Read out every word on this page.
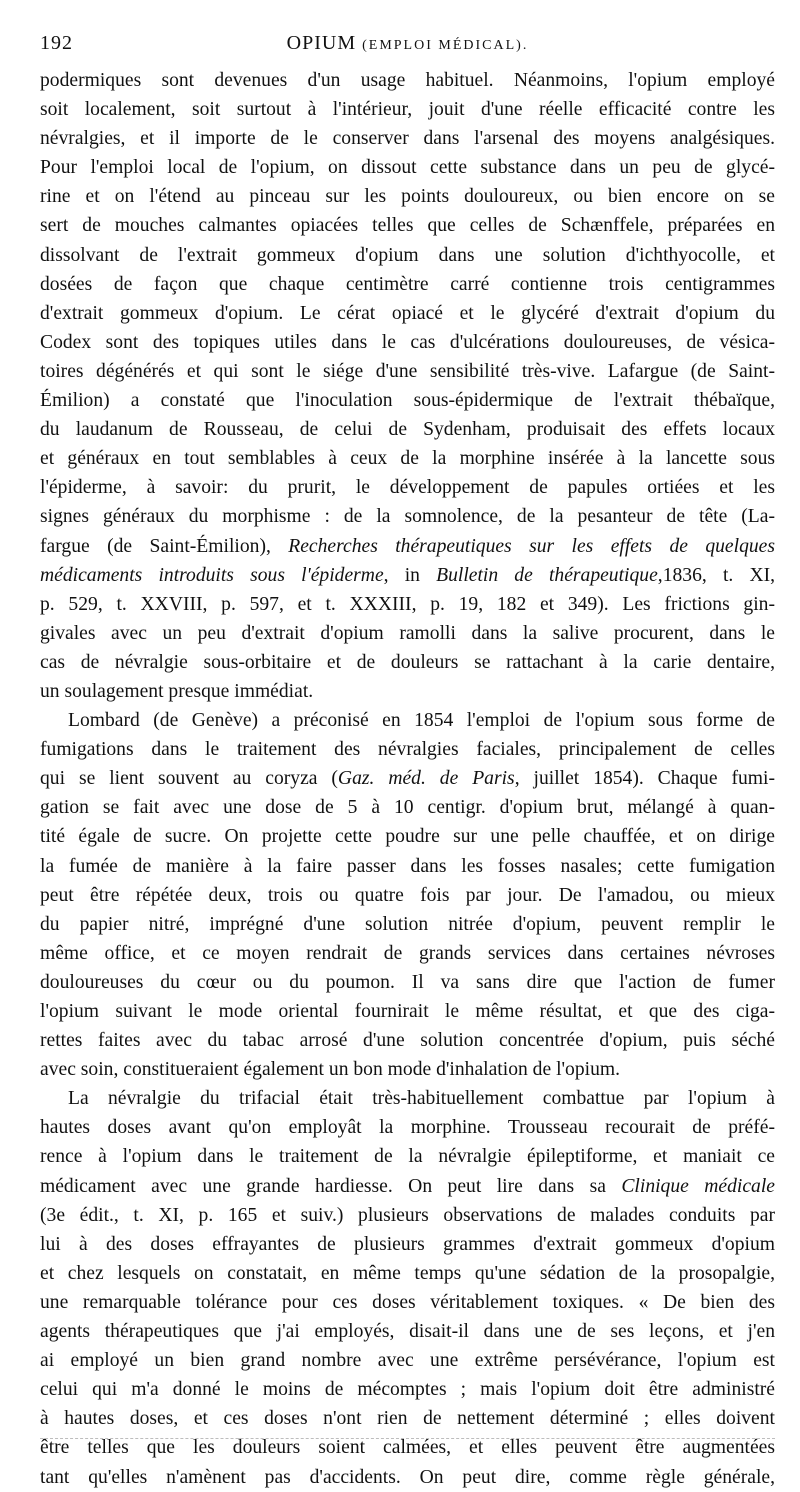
192	OPIUM (EMPLOI MÉDICAL).
podermiques sont devenues d'un usage habituel. Néanmoins, l'opium employé
soit localement, soit surtout à l'intérieur, jouit d'une réelle efficacité contre les
névralgies, et il importe de le conserver dans l'arsenal des moyens analgésiques.
Pour l'emploi local de l'opium, on dissout cette substance dans un peu de glycé-
rine et on l'étend au pinceau sur les points douloureux, ou bien encore on se
sert de mouches calmantes opiacées telles que celles de Schænffele, préparées en
dissolvant de l'extrait gommeux d'opium dans une solution d'ichthyocolle, et
dosées de façon que chaque centimètre carré contienne trois centigrammes
d'extrait gommeux d'opium. Le cérat opiacé et le glycéré d'extrait d'opium du
Codex sont des topiques utiles dans le cas d'ulcérations douloureuses, de vésica-
toires dégénérés et qui sont le siége d'une sensibilité très-vive. Lafargue (de Saint-
Émilion) a constaté que l'inoculation sous-épidermique de l'extrait thébaïque,
du laudanum de Rousseau, de celui de Sydenham, produisait des effets locaux
et généraux en tout semblables à ceux de la morphine insérée à la lancette sous
l'épiderme, à savoir: du prurit, le développement de papules ortiées et les
signes généraux du morphisme : de la somnolence, de la pesanteur de tête (La-
fargue (de Saint-Émilion), Recherches thérapeutiques sur les effets de quelques
médicaments introduits sous l'épiderme, in Bulletin de thérapeutique,1836, t. XI,
p. 529, t. XXVIII, p. 597, et t. XXXIII, p. 19, 182 et 349). Les frictions gin-
givales avec un peu d'extrait d'opium ramolli dans la salive procurent, dans le
cas de névralgie sous-orbitaire et de douleurs se rattachant à la carie dentaire,
un soulagement presque immédiat.
Lombard (de Genève) a préconisé en 1854 l'emploi de l'opium sous forme de
fumigations dans le traitement des névralgies faciales, principalement de celles
qui se lient souvent au coryza (Gaz. méd. de Paris, juillet 1854). Chaque fumi-
gation se fait avec une dose de 5 à 10 centigr. d'opium brut, mélangé à quan-
tité égale de sucre. On projette cette poudre sur une pelle chauffée, et on dirige
la fumée de manière à la faire passer dans les fosses nasales; cette fumigation
peut être répétée deux, trois ou quatre fois par jour. De l'amadou, ou mieux
du papier nitré, imprégné d'une solution nitrée d'opium, peuvent remplir le
même office, et ce moyen rendrait de grands services dans certaines névroses
douloureuses du cœur ou du poumon. Il va sans dire que l'action de fumer
l'opium suivant le mode oriental fournirait le même résultat, et que des ciga-
rettes faites avec du tabac arrosé d'une solution concentrée d'opium, puis séché
avec soin, constitueraient également un bon mode d'inhalation de l'opium.
La névralgie du trifacial était très-habituellement combattue par l'opium à
hautes doses avant qu'on employât la morphine. Trousseau recourait de préfé-
rence à l'opium dans le traitement de la névralgie épileptiforme, et maniait ce
médicament avec une grande hardiesse. On peut lire dans sa Clinique médicale
(3e édit., t. XI, p. 165 et suiv.) plusieurs observations de malades conduits par
lui à des doses effrayantes de plusieurs grammes d'extrait gommeux d'opium
et chez lesquels on constatait, en même temps qu'une sédation de la prosopalgie,
une remarquable tolérance pour ces doses véritablement toxiques. « De bien des
agents thérapeutiques que j'ai employés, disait-il dans une de ses leçons, et j'en
ai employé un bien grand nombre avec une extrême persévérance, l'opium est
celui qui m'a donné le moins de mécomptes ; mais l'opium doit être administré
à hautes doses, et ces doses n'ont rien de nettement déterminé ; elles doivent
être telles que les douleurs soient calmées, et elles peuvent être augmentées
tant qu'elles n'amènent pas d'accidents. On peut dire, comme règle générale,
